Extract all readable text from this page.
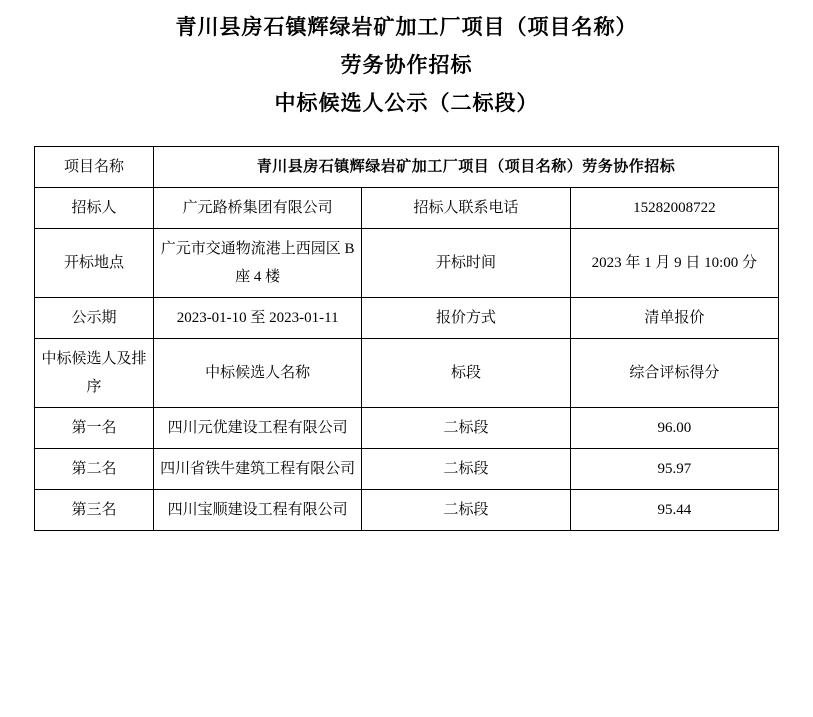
青川县房石镇辉绿岩矿加工厂项目（项目名称）
劳务协作招标
中标候选人公示（二标段）
项目名称	青川县房石镇辉绿岩矿加工厂项目（项目名称）劳务协作招标		
招标人	广元路桥集团有限公司	招标人联系电话	15282008722
开标地点	广元市交通物流港上西园区 B 座 4 楼	开标时间	2023 年 1 月 9 日 10:00 分
公示期	2023-01-10 至 2023-01-11	报价方式	清单报价
中标候选人及排序	中标候选人名称	标段	综合评标得分
第一名	四川元优建设工程有限公司	二标段	96.00
第二名	四川省铁牛建筑工程有限公司	二标段	95.97
第三名	四川宝顺建设工程有限公司	二标段	95.44
